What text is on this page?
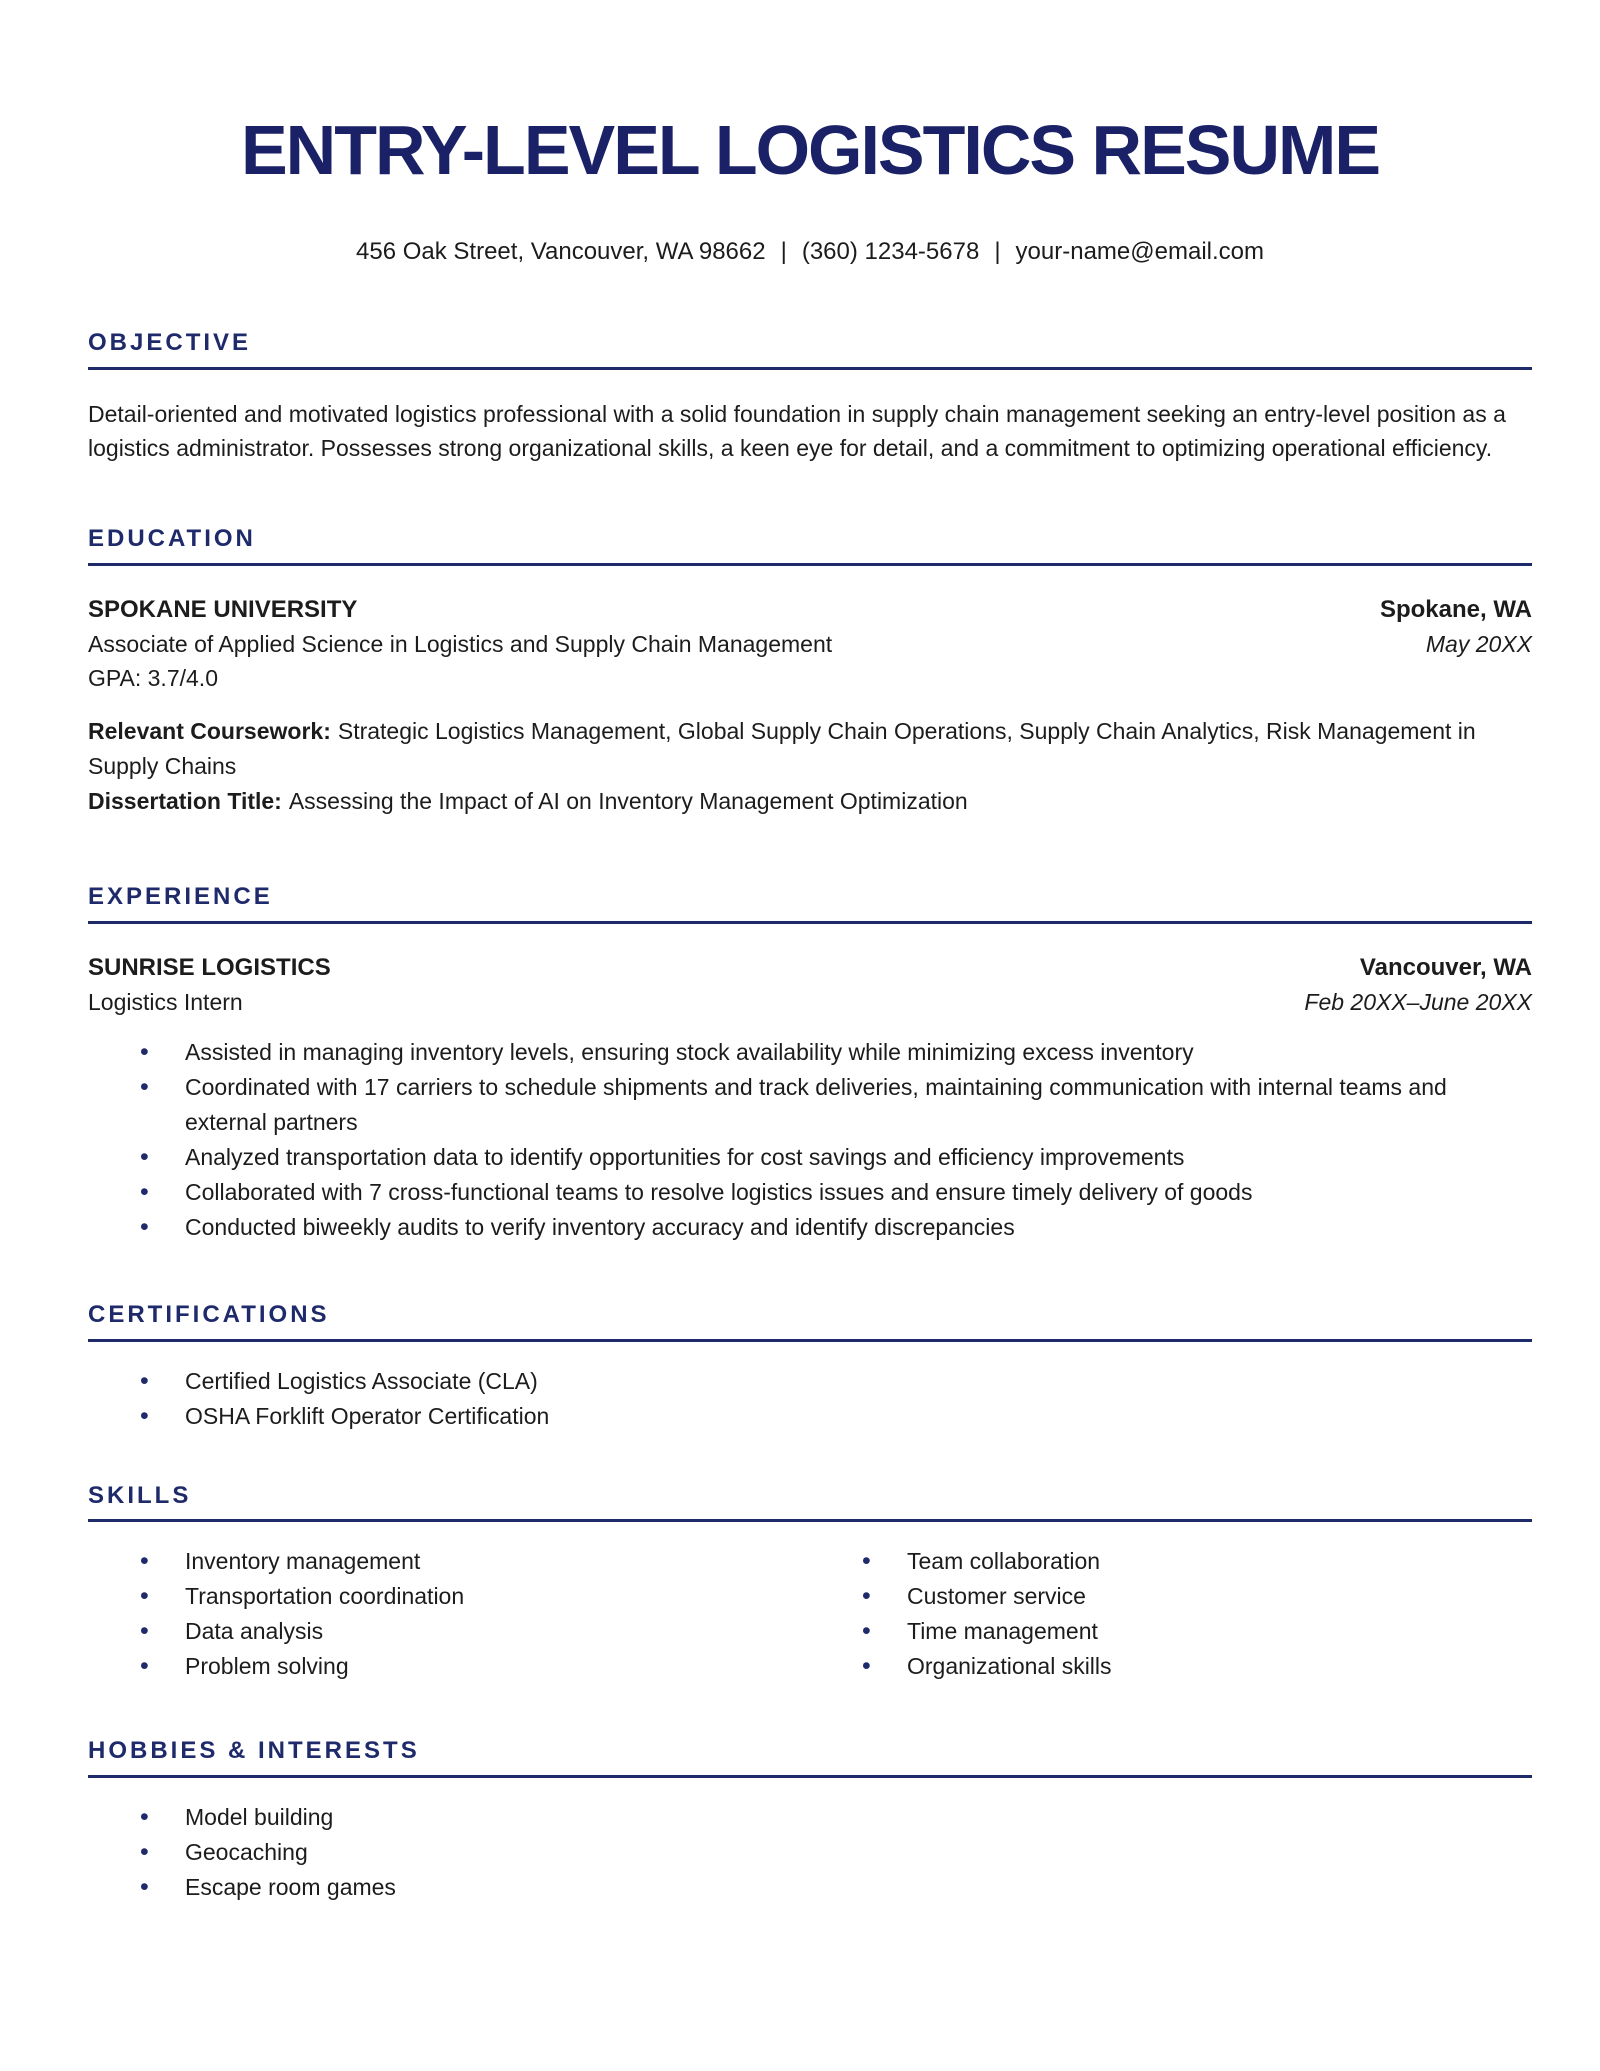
ENTRY-LEVEL LOGISTICS RESUME
456 Oak Street, Vancouver, WA 98662 | (360) 1234-5678 | your-name@email.com
OBJECTIVE

Detail-oriented and motivated logistics professional with a solid foundation in supply chain management seeking an entry-level position as a logistics administrator. Possesses strong organizational skills, a keen eye for detail, and a commitment to optimizing operational efficiency.

EDUCATION
SPOKANE UNIVERSITY	Spokane, WA
Associate of Applied Science in Logistics and Supply Chain Management	May 20XX
GPA: 3.7/4.0

Relevant Coursework: Strategic Logistics Management, Global Supply Chain Operations, Supply Chain Analytics, Risk Management in Supply Chains

Dissertation Title: Assessing the Impact of AI on Inventory Management Optimization

EXPERIENCE
SUNRISE LOGISTICS	Vancouver, WA
Logistics Intern	Feb 20XX–June 20XX
• Assisted in managing inventory levels, ensuring stock availability while minimizing excess inventory
• Coordinated with 17 carriers to schedule shipments and track deliveries, maintaining communication with internal teams and external partners
• Analyzed transportation data to identify opportunities for cost savings and efficiency improvements
• Collaborated with 7 cross-functional teams to resolve logistics issues and ensure timely delivery of goods
• Conducted biweekly audits to verify inventory accuracy and identify discrepancies
CERTIFICATIONS
• Certified Logistics Associate (CLA)
• OSHA Forklift Operator Certification
SKILLS
• Inventory management
• Transportation coordination
• Data analysis
• Problem solving
• Team collaboration
• Customer service
• Time management
• Organizational skills
HOBBIES & INTERESTS
• Model building
• Geocaching
• Escape room games
